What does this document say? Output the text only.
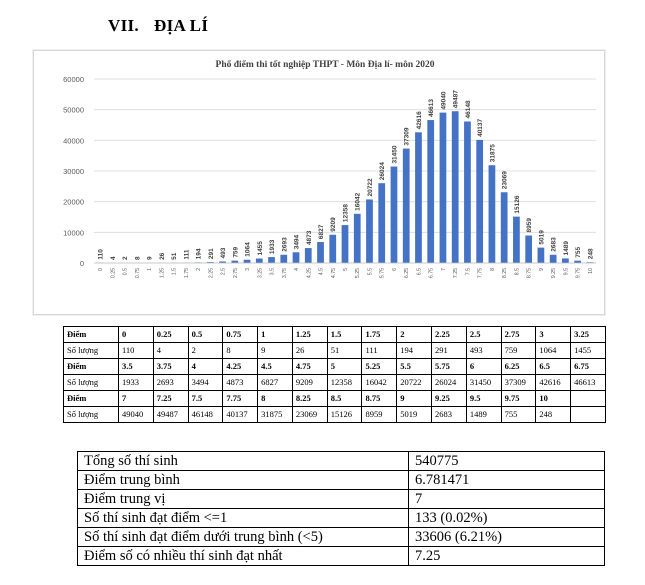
VII. ĐỊA LÍ
Phổ điểm thi tốt nghiệp THPT - Môn Địa lí- môn 2020
0
10000
20000
30000
40000
50000
60000
110
0
4
0.25
2
0.5
8
0.75
9
1
26
1.25
51
1.5
111
1.75
194
2
291
2.25
493
2.5
759
2.75
1064
3
1455
3.25
1933
3.5
2693
3.75
3494
4
4873
4.25
6827
4.5
9209
4.75
12358
5
16042
5.25
20722
5.5
26024
5.75
31450
6
37309
6.25
42616
6.5
46613
6.75
49040
7
49487
7.25
46148
7.5
40137
7.75
31875
8
23069
8.25
15126
8.5
8959
8.75
5019
9
2683
9.25
1489
9.5
755
9.75
248
10
Điểm	0	0.25	0.5	0.75	1	1.25	1.5	1.75	2	2.25	2.5	2.75	3	3.25
Số lượng	110	4	2	8	9	26	51	111	194	291	493	759	1064	1455
Điểm	3.5	3.75	4	4.25	4.5	4.75	5	5.25	5.5	5.75	6	6.25	6.5	6.75
Số lượng	1933	2693	3494	4873	6827	9209	12358	16042	20722	26024	31450	37309	42616	46613
Điểm	7	7.25	7.5	7.75	8	8.25	8.5	8.75	9	9.25	9.5	9.75	10	
Số lượng	49040	49487	46148	40137	31875	23069	15126	8959	5019	2683	1489	755	248	
Tổng số thí sinh	540775
Điểm trung bình	6.781471
Điểm trung vị	7
Số thí sinh đạt điểm <=1	133 (0.02%)
Số thí sinh đạt điểm dưới trung bình (<5)	33606 (6.21%)
Điểm số có nhiều thí sinh đạt nhất	7.25
